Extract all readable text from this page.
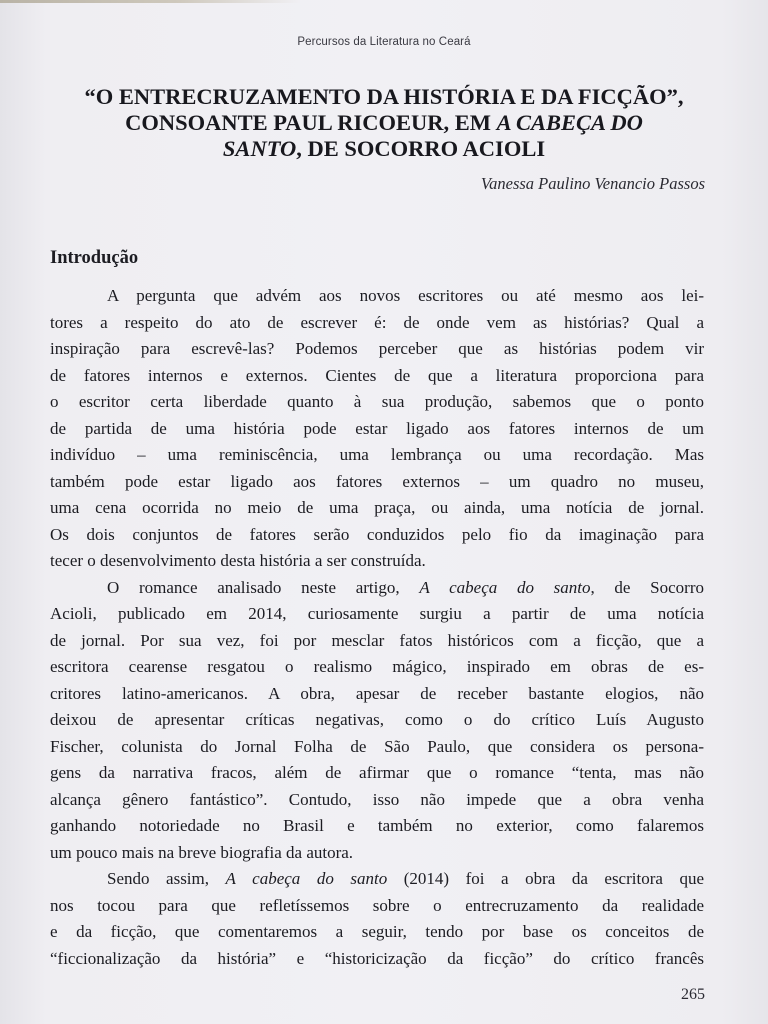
Percursos da Literatura no Ceará
“O ENTRECRUZAMENTO DA HISTÓRIA E DA FICÇÃO”,
CONSOANTE PAUL RICOEUR, EM A CABEÇA DO
SANTO, DE SOCORRO ACIOLI
Vanessa Paulino Venancio Passos
Introdução
A pergunta que advém aos novos escritores ou até mesmo aos lei-
tores a respeito do ato de escrever é: de onde vem as histórias? Qual a
inspiração para escrevê-las? Podemos perceber que as histórias podem vir
de fatores internos e externos. Cientes de que a literatura proporciona para
o escritor certa liberdade quanto à sua produção, sabemos que o ponto
de partida de uma história pode estar ligado aos fatores internos de um
indivíduo – uma reminiscência, uma lembrança ou uma recordação. Mas
também pode estar ligado aos fatores externos – um quadro no museu,
uma cena ocorrida no meio de uma praça, ou ainda, uma notícia de jornal.
Os dois conjuntos de fatores serão conduzidos pelo fio da imaginação para
tecer o desenvolvimento desta história a ser construída.
O romance analisado neste artigo, A cabeça do santo, de Socorro
Acioli, publicado em 2014, curiosamente surgiu a partir de uma notícia
de jornal. Por sua vez, foi por mesclar fatos históricos com a ficção, que a
escritora cearense resgatou o realismo mágico, inspirado em obras de es-
critores latino-americanos. A obra, apesar de receber bastante elogios, não
deixou de apresentar críticas negativas, como o do crítico Luís Augusto
Fischer, colunista do Jornal Folha de São Paulo, que considera os persona-
gens da narrativa fracos, além de afirmar que o romance “tenta, mas não
alcança gênero fantástico”. Contudo, isso não impede que a obra venha
ganhando notoriedade no Brasil e também no exterior, como falaremos
um pouco mais na breve biografia da autora.
Sendo assim, A cabeça do santo (2014) foi a obra da escritora que
nos tocou para que refletíssemos sobre o entrecruzamento da realidade
e da ficção, que comentaremos a seguir, tendo por base os conceitos de
“ficcionalização da história” e “historicização da ficção” do crítico francês
265
